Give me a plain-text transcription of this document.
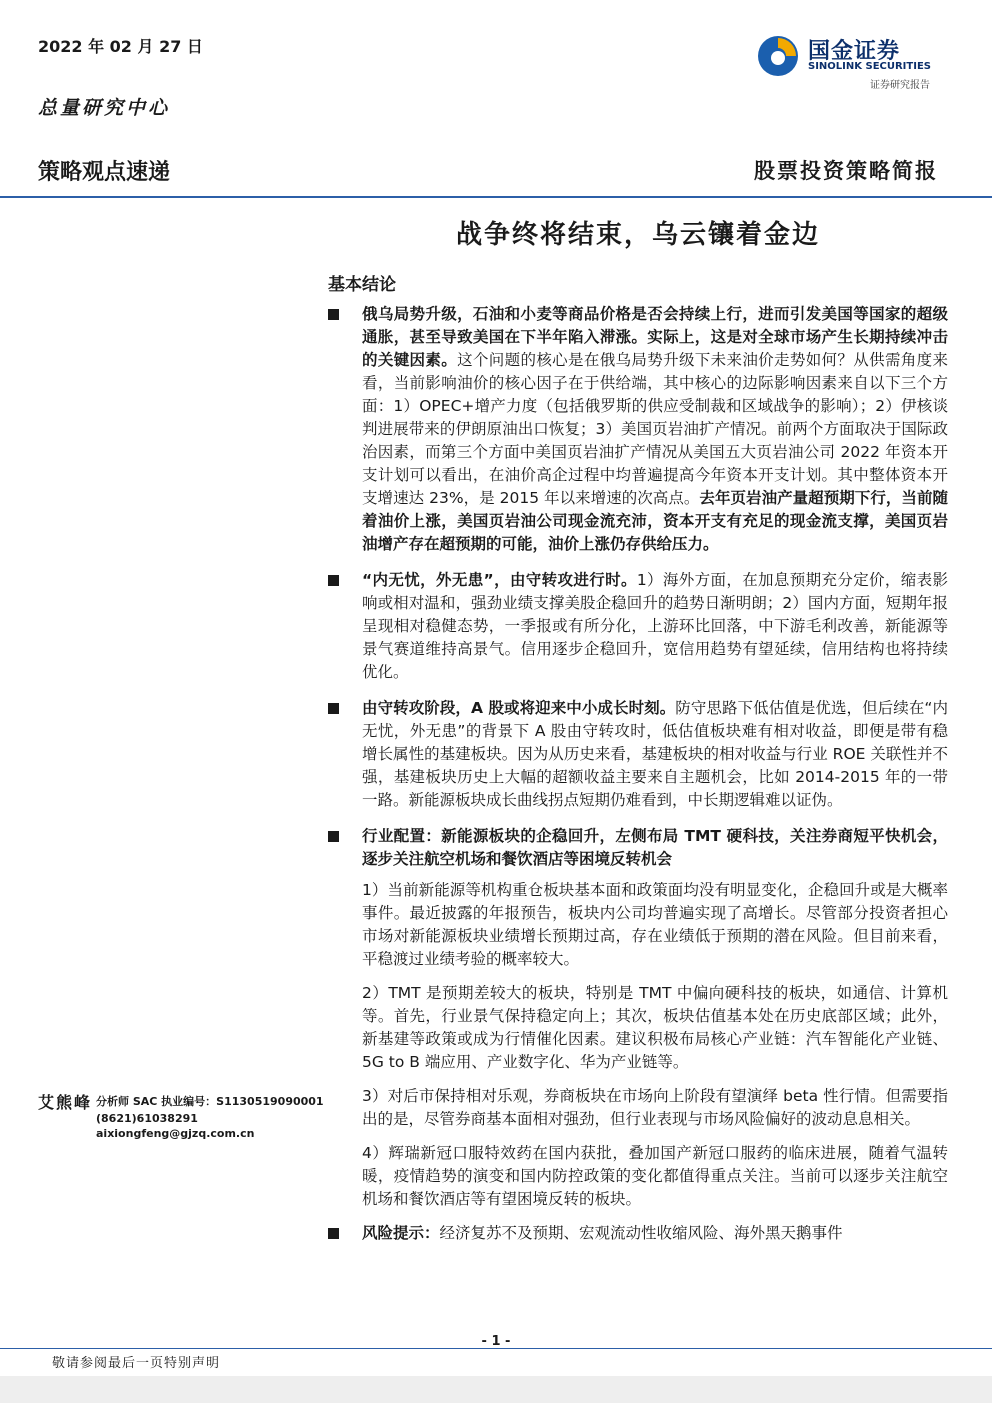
2022 年 02 月 27 日
总量研究中心
国金证券
SINOLINK SECURITIES
证券研究报告
策略观点速递	股票投资策略简报
战争终将结束，乌云镶着金边
基本结论
俄乌局势升级，石油和小麦等商品价格是否会持续上行，进而引发美国等国家的超级通胀，甚至导致美国在下半年陷入滞涨。实际上，这是对全球市场产生长期持续冲击的关键因素。这个问题的核心是在俄乌局势升级下未来油价走势如何？从供需角度来看，当前影响油价的核心因子在于供给端，其中核心的边际影响因素来自以下三个方面：1）OPEC+增产力度（包括俄罗斯的供应受制裁和区域战争的影响）；2）伊核谈判进展带来的伊朗原油出口恢复；3）美国页岩油扩产情况。前两个方面取决于国际政治因素，而第三个方面中美国页岩油扩产情况从美国五大页岩油公司 2022 年资本开支计划可以看出，在油价高企过程中均普遍提高今年资本开支计划。其中整体资本开支增速达 23%，是 2015 年以来增速的次高点。去年页岩油产量超预期下行，当前随着油价上涨，美国页岩油公司现金流充沛，资本开支有充足的现金流支撑，美国页岩油增产存在超预期的可能，油价上涨仍存供给压力。
“内无忧，外无患”，由守转攻进行时。1）海外方面，在加息预期充分定价，缩表影响或相对温和，强劲业绩支撑美股企稳回升的趋势日渐明朗；2）国内方面，短期年报呈现相对稳健态势，一季报或有所分化，上游环比回落，中下游毛利改善，新能源等景气赛道维持高景气。信用逐步企稳回升，宽信用趋势有望延续，信用结构也将持续优化。
由守转攻阶段，A 股或将迎来中小成长时刻。防守思路下低估值是优选，但后续在“内无忧，外无患”的背景下 A 股由守转攻时，低估值板块难有相对收益，即便是带有稳增长属性的基建板块。因为从历史来看，基建板块的相对收益与行业 ROE 关联性并不强，基建板块历史上大幅的超额收益主要来自主题机会，比如 2014-2015 年的一带一路。新能源板块成长曲线拐点短期仍难看到，中长期逻辑难以证伪。
行业配置：新能源板块的企稳回升，左侧布局 TMT 硬科技，关注券商短平快机会，逐步关注航空机场和餐饮酒店等困境反转机会
1）当前新能源等机构重仓板块基本面和政策面均没有明显变化，企稳回升或是大概率事件。最近披露的年报预告，板块内公司均普遍实现了高增长。尽管部分投资者担心市场对新能源板块业绩增长预期过高，存在业绩低于预期的潜在风险。但目前来看，平稳渡过业绩考验的概率较大。
2）TMT 是预期差较大的板块，特别是 TMT 中偏向硬科技的板块，如通信、计算机等。首先，行业景气保持稳定向上；其次，板块估值基本处在历史底部区域；此外，新基建等政策或成为行情催化因素。建议积极布局核心产业链：汽车智能化产业链、5G to B 端应用、产业数字化、华为产业链等。
3）对后市保持相对乐观，券商板块在市场向上阶段有望演绎 beta 性行情。但需要指出的是，尽管券商基本面相对强劲，但行业表现与市场风险偏好的波动息息相关。
4）辉瑞新冠口服特效药在国内获批，叠加国产新冠口服药的临床进展，随着气温转暖，疫情趋势的演变和国内防控政策的变化都值得重点关注。当前可以逐步关注航空机场和餐饮酒店等有望困境反转的板块。
风险提示：经济复苏不及预期、宏观流动性收缩风险、海外黑天鹅事件
艾熊峰 分析师 SAC 执业编号：S1130519090001
(8621)61038291
aixiongfeng@gjzq.com.cn
- 1 -
敬请参阅最后一页特别声明
